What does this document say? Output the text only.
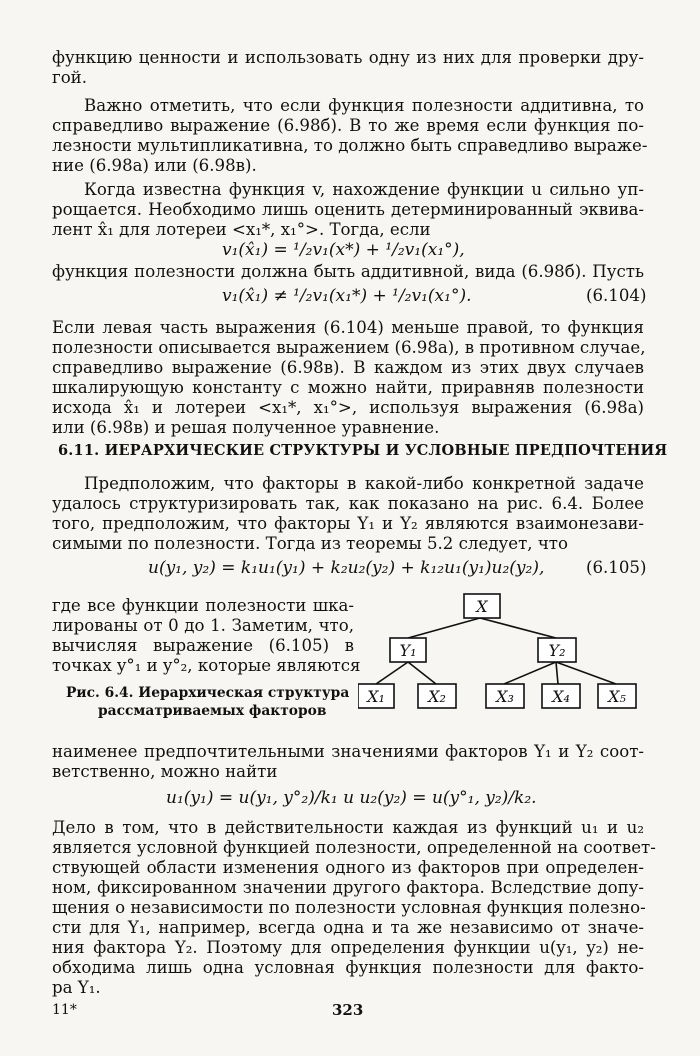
функцию ценности и использовать одну из них для проверки дру-
гой.
Важно отметить, что если функция полезности аддитивна, то
справедливо выражение (6.98б). В то же время если функция по-
лезности мультипликативна, то должно быть справедливо выраже-
ние (6.98а) или (6.98в).
Когда известна функция v, нахождение функции u сильно уп-
рощается. Необходимо лишь оценить детерминированный эквива-
лент x̂₁ для лотереи <x₁*, x₁°>. Тогда, если
v₁(x̂₁) = ¹/₂v₁(x*) + ¹/₂v₁(x₁°),
функция полезности должна быть аддитивной, вида (6.98б). Пусть
v₁(x̂₁) ≠ ¹/₂v₁(x₁*) + ¹/₂v₁(x₁°).	(6.104)
Если левая часть выражения (6.104) меньше правой, то функция
полезности описывается выражением (6.98а), в противном случае,
справедливо выражение (6.98в). В каждом из этих двух случаев
шкалирующую константу c можно найти, приравняв полезности
исхода x̂₁ и лотереи <x₁*, x₁°>, используя выражения (6.98а)
или (6.98в) и решая полученное уравнение.
6.11. ИЕРАРХИЧЕСКИЕ СТРУКТУРЫ И УСЛОВНЫЕ ПРЕДПОЧТЕНИЯ
Предположим, что факторы в какой-либо конкретной задаче
удалось структуризировать так, как показано на рис. 6.4. Более
того, предположим, что факторы Y₁ и Y₂ являются взаимонезави-
симыми по полезности. Тогда из теоремы 5.2 следует, что
u(y₁, y₂) = k₁u₁(y₁) + k₂u₂(y₂) + k₁₂u₁(y₁)u₂(y₂),	(6.105)
где все функции полезности шка-
лированы от 0 до 1. Заметим, что,
вычисляя выражение (6.105) в
точках y°₁ и y°₂, которые являются
X
Y₁	Y₂
X₁	X₂	X₃ X₄ X₅
Рис. 6.4. Иерархическая структура
рассматриваемых факторов
наименее предпочтительными значениями факторов Y₁ и Y₂ соот-
ветственно, можно найти
u₁(y₁) = u(y₁, y°₂)/k₁ и u₂(y₂) = u(y°₁, y₂)/k₂.
Дело в том, что в действительности каждая из функций u₁ и u₂
является условной функцией полезности, определенной на соответ-
ствующей области изменения одного из факторов при определен-
ном, фиксированном значении другого фактора. Вследствие допу-
щения о независимости по полезности условная функция полезно-
сти для Y₁, например, всегда одна и та же независимо от значе-
ния фактора Y₂. Поэтому для определения функции u(y₁, y₂) не-
обходима лишь одна условная функция полезности для факто-
ра Y₁.
11*	323
